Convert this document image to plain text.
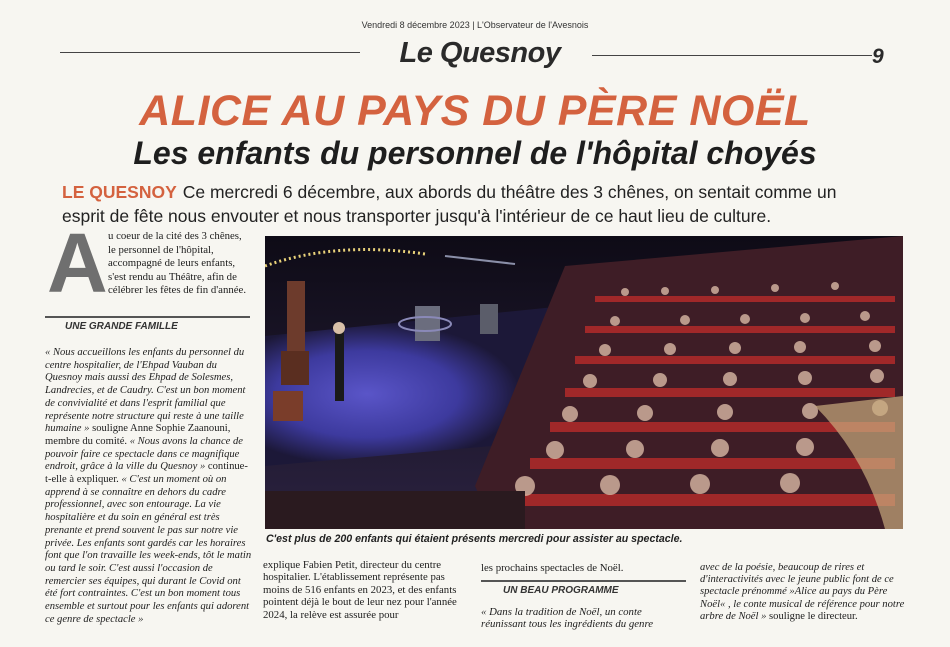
Vendredi 8 décembre 2023 | L'Observateur de l'Avesnois
Le Quesnoy	9
ALICE AU PAYS DU PÈRE NOËL
Les enfants du personnel de l'hôpital choyés
LE QUESNOY Ce mercredi 6 décembre, aux abords du théâtre des 3 chênes, on sentait comme un esprit de fête nous envouter et nous transporter jusqu'à l'intérieur de ce haut lieu de culture.
A u coeur de la cité des 3 chênes, le personnel de l'hôpital, accompagné de leurs enfants, s'est rendu au Théâtre, afin de célébrer les fêtes de fin d'année.
UNE GRANDE FAMILLE
« Nous accueillons les enfants du personnel du centre hospitalier, de l'Ehpad Vauban du Quesnoy mais aussi des Ehpad de Solesmes, Landrecies, et de Caudry. C'est un bon moment de convivialité et dans l'esprit familial que représente notre structure qui reste à une taille humaine » souligne Anne Sophie Zaanouni, membre du comité. « Nous avons la chance de pouvoir faire ce spectacle dans ce magnifique endroit, grâce à la ville du Quesnoy » continue-t-elle à expliquer. « C'est un moment où on apprend à se connaître en dehors du cadre professionnel, avec son entourage. La vie hospitalière et du soin en général est très prenante et prend souvent le pas sur notre vie privée. Les enfants sont gardés car les horaires font que l'on travaille les week-ends, tôt le matin ou tard le soir. C'est aussi l'occasion de remercier ses équipes, qui durant le Covid ont été fort contraintes. C'est un bon moment tous ensemble et surtout pour les enfants qui adorent ce genre de spectacle »
C'est plus de 200 enfants qui étaient présents mercredi pour assister au spectacle.
explique Fabien Petit, directeur du centre hospitalier. L'établissement représente pas moins de 516 enfants en 2023, et des enfants pointent déjà le bout de leur nez pour l'année 2024, la relève est assurée pour

les prochains spectacles de Noël.

UN BEAU PROGRAMME

« Dans la tradition de Noël, un conte réunissant tous les ingrédients du genre

avec de la poésie, beaucoup de rires et d'interactivités avec le jeune public font de ce spectacle prénommé »Alice au pays du Père Noël« , le conte musical de référence pour notre arbre de Noël » souligne le directeur.
